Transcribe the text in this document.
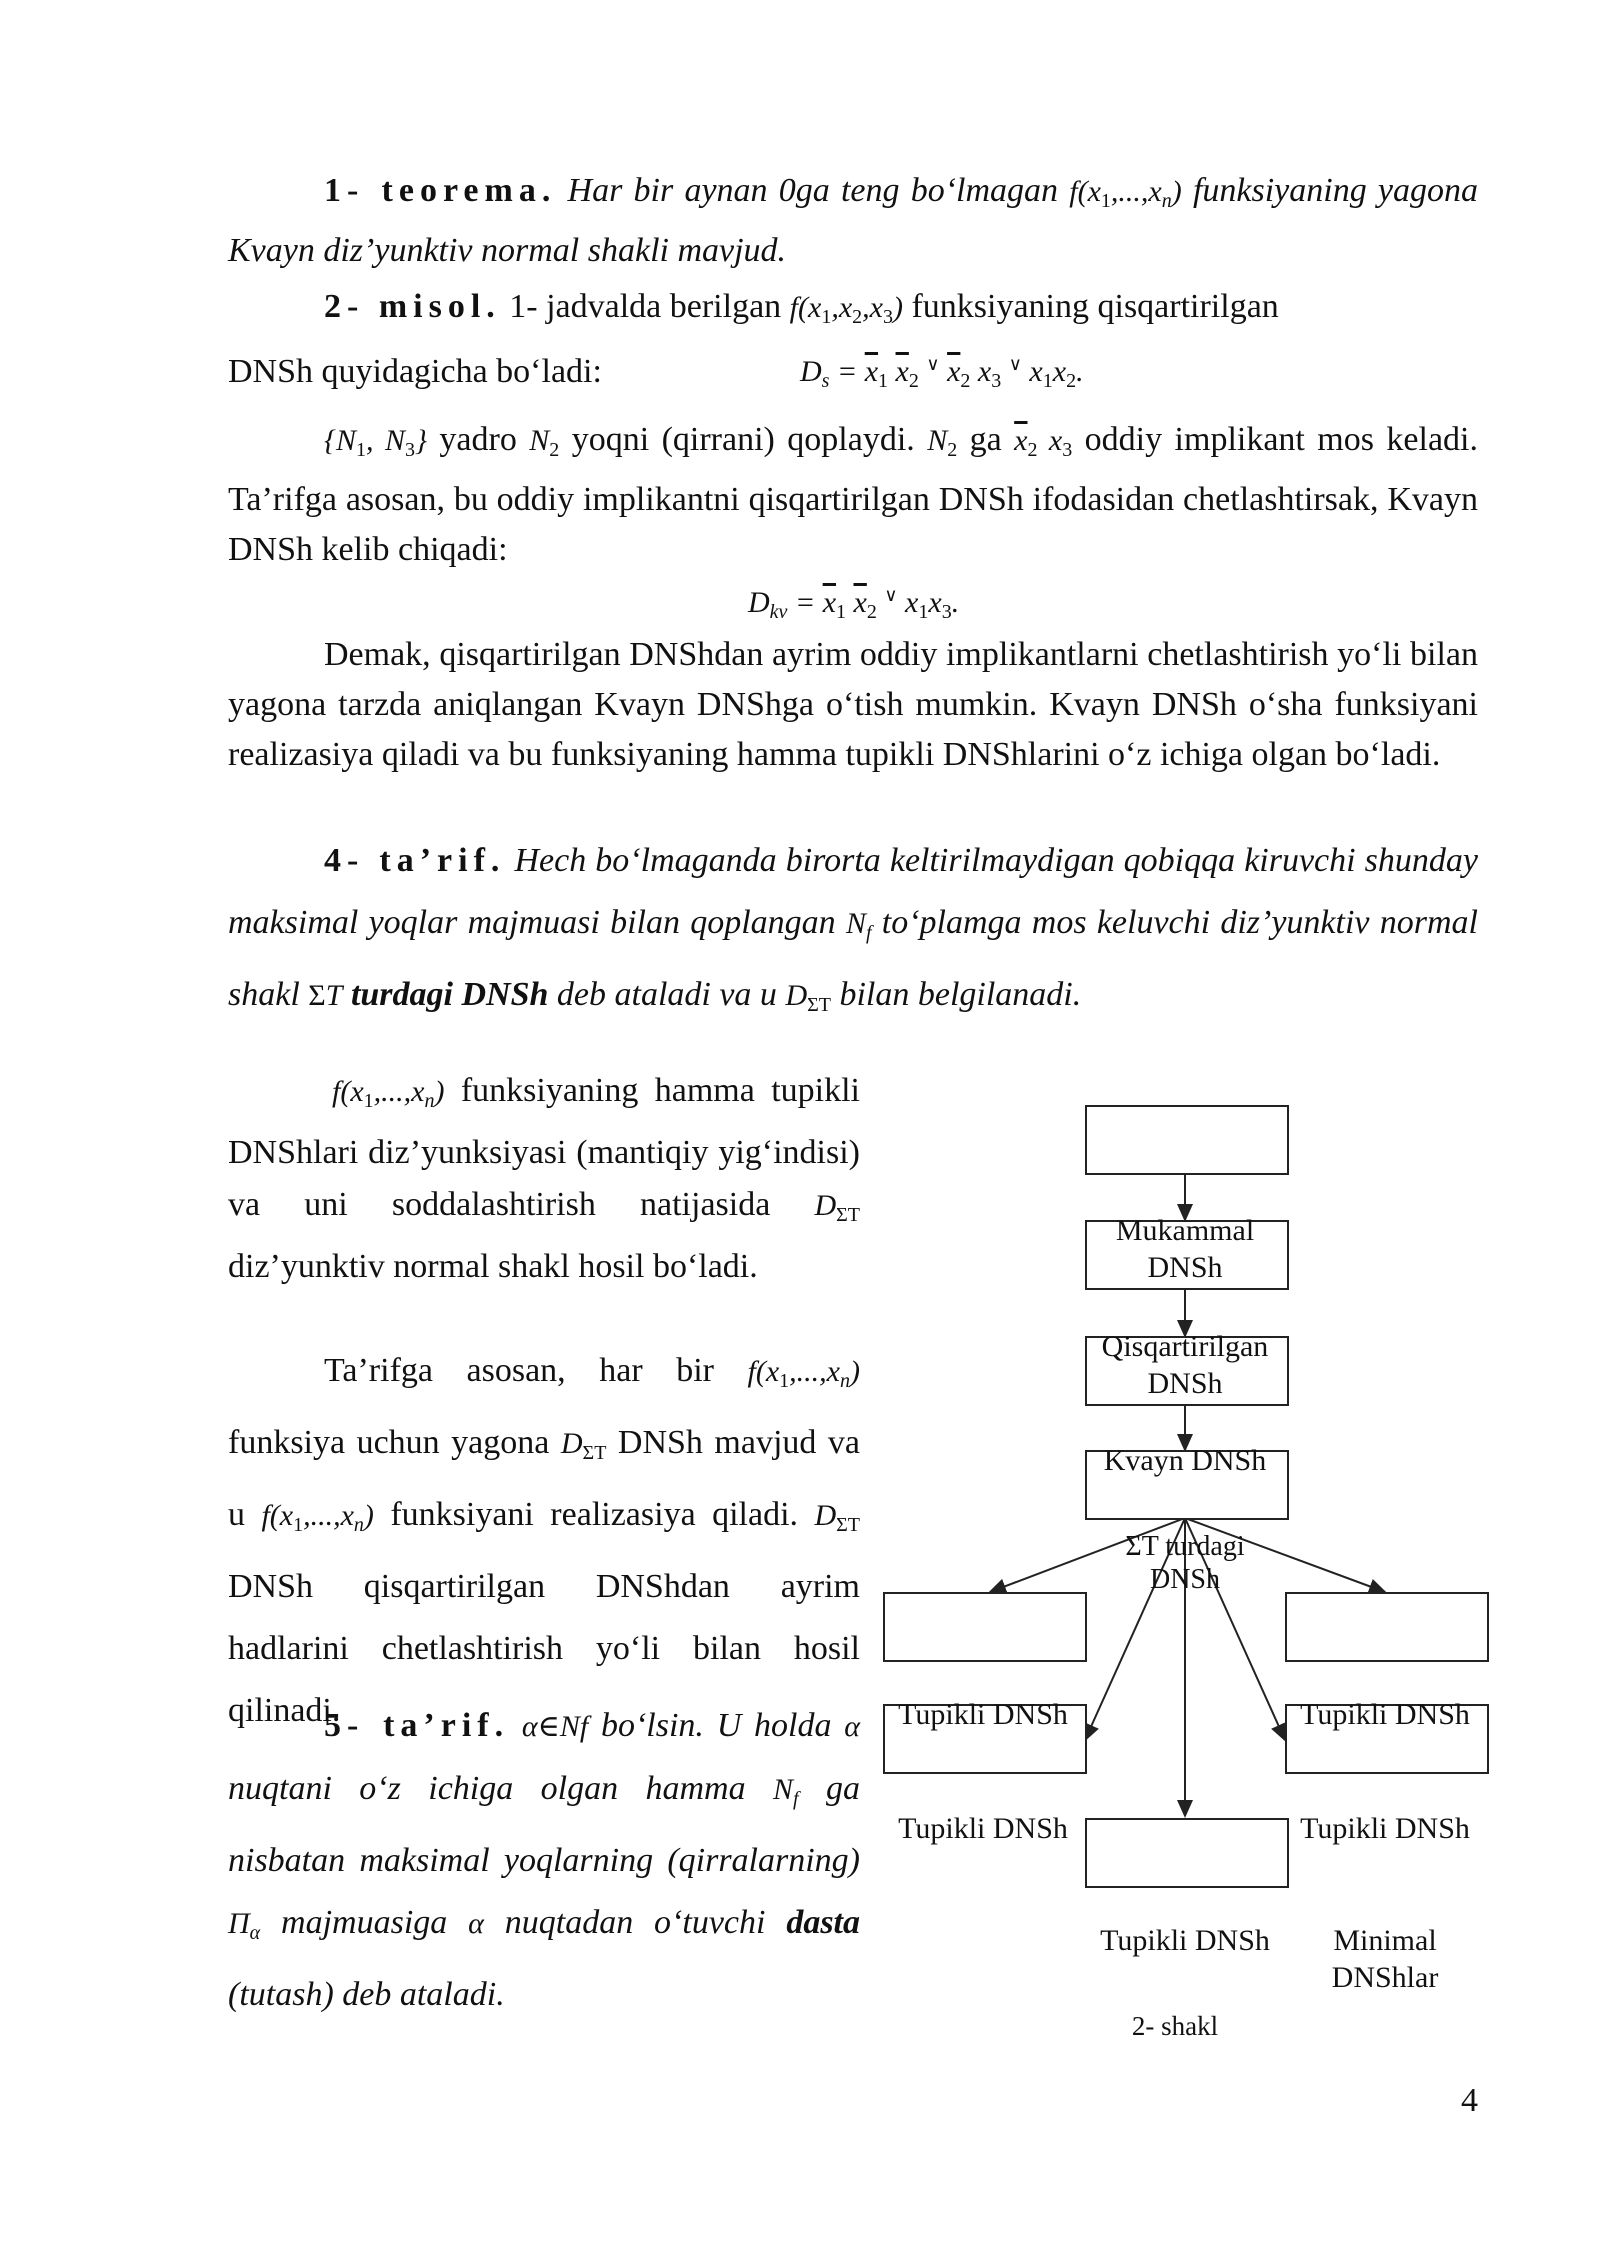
1- teorema. Har bir aynan 0ga teng bo‘lmagan $f(x_1,...,x_n)$ funksiyaning yagona Kvayn diz’yunktiv normal shakli mavjud.
2- misol. 1- jadvalda berilgan $f(x_1,x_2,x_3)$ funksiyaning qisqartirilgan
DNSh quyidagicha bo‘ladi:	$D_s = \overline{x}_1$ $\overline{x}_2$ ∨ $\overline{x}_2$ $x_3$ ∨ $x_1x_2$.
{$N_1$, $N_3$} yadro $N_2$ yoqni (qirrani) qoplaydi. $N_2$ ga $\overline{x}_2$ $x_3$ oddiy implikant mos keladi. Ta’rifga asosan, bu oddiy implikantni qisqartirilgan DNSh ifodasidan chetlashtirsak, Kvayn DNSh kelib chiqadi:
$D_{kv} = \overline{x}_1$ $\overline{x}_2$ ∨ $x_1x_3$.
Demak, qisqartirilgan DNShdan ayrim oddiy implikantlarni chetlashtirish yo‘li bilan yagona tarzda aniqlangan Kvayn DNShga o‘tish mumkin. Kvayn DNSh o‘sha funksiyani realizasiya qiladi va bu funksiyaning hamma tupikli DNShlarini o‘z ichiga olgan bo‘ladi.
4- ta’rif. Hech bo‘lmaganda birorta keltirilmaydigan qobiqqa kiruvchi shunday maksimal yoqlar majmuasi bilan qoplangan $N_f$ to‘plamga mos keluvchi diz’yunktiv normal shakl ΣT turdagi DNSh deb ataladi va u $D_{\Sigma T}$ bilan belgilanadi.
$f(x_1,...,x_n)$ funksiyaning hamma tupikli DNShlari diz’yunksiyasi (mantiqiy yig‘indisi) va uni soddalashtirish natijasida $D_{\Sigma T}$ diz’yunktiv normal shakl hosil bo‘ladi.
Ta’rifga asosan, har bir $f(x_1,...,x_n)$ funksiya uchun yagona $D_{\Sigma T}$ DNSh mavjud va u $f(x_1,...,x_n)$ funksiyani realizasiya qiladi. $D_{\Sigma T}$ DNSh qisqartirilgan DNShdan ayrim hadlarini chetlashtirish yo‘li bilan hosil qilinadi.
5- ta’rif. α∈Nf bo‘lsin. U holda α nuqtani o‘z ichiga olgan hamma $N_f$ ga nisbatan maksimal yoqlarning (qirralarning) $\Pi_\alpha$ majmuasiga α nuqtadan o‘tuvchi dasta (tutash) deb ataladi.
Mukammal DNSh
Qisqartirilgan DNSh
Kvayn DNSh
ΣT turdagi DNSh
Tupikli DNSh	Tupikli DNSh
Tupikli DNSh	Tupikli DNSh
Tupikli DNSh	Minimal DNShlar
2- shakl
4
